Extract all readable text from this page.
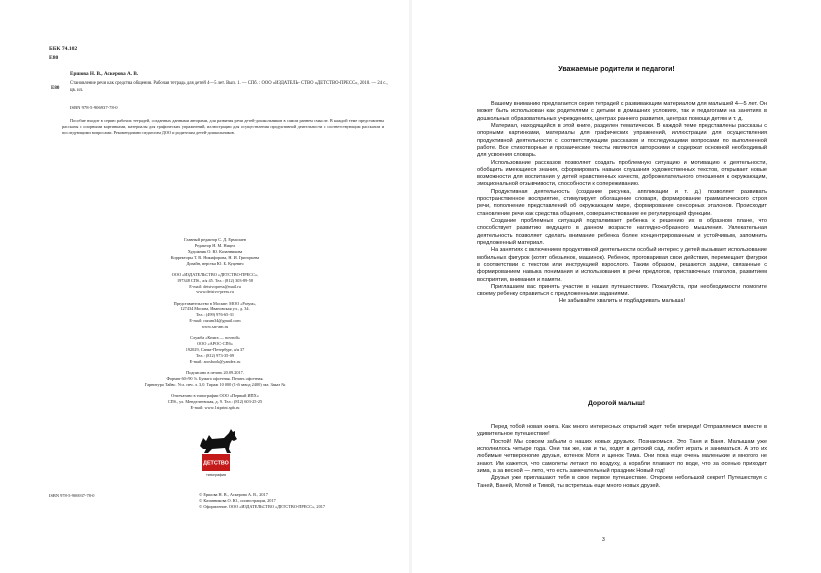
ББК 74.102
Е80
Ершова Н. В., Аскерова А. В.
Е80
Становление речи как средства общения. Рабочая тетрадь для детей 4—5 лет. Вып. 1. — СПб. : ООО «ИЗДАТЕЛЬ- СТВО «ДЕТСТВО-ПРЕСС», 2018. — 24 с., цв. ил.
ISBN 978-5-906937-78-0
Пособие входит в серию рабочих тетрадей, созданных данными авторами, для развития речи детей-дошкольников в самом раннем смысле. В каждой теме представлены рассказы с опорными картинками, материалы для графических упражнений, иллюстрации для осуществления продуктивной деятельности с соответствующим рассказом и последующими вопросами. Рекомендовано педагогам ДОО и родителям детей-дошкольников.
Главный редактор С. Д. Ермолаев
Редактор Н. М. Ницел
Художник О. Ю. Казанникова
Корректоры Т. В. Никифорова, Н. И. Григорьева
Дизайн, верстка Ю. Б. Куцевич
ООО «ИЗДАТЕЛЬСТВО «ДЕТСТВО-ПРЕСС»,
197348 СПб., а/я 45. Тел.: (812) 303-89-58
E-mail: detstvopress@mail.ru
www.detstvo-press.ru
Представительство в Москве: МОО «Разум»,
127434 Москва, Ивановская ул., д. 34.
Тел.: (499) 976-65-31
E-mail: razum34@gmail.com
www.sar-am.ru
Служба «Книга — почтой»
ООО «АРОС-СПб»
192029, Санкт-Петербург, а/я 37
Тел.: (812) 973-35-09
E-mail: arosbook@yandex.ru
Подписано в печать 20.09.2017.
Формат 60×90 ⅛. Бумага офсетная. Печать офсетная.
Гарнитура Тайвс. Усл. печ. л. 3,0. Тираж 10 000 (1-й завод 2400) экз. Заказ №
Отпечатано в типографии ООО «Первый ИПХ»
СПб., ул. Менделеевская, д. 9. Тел.: (812) 603-25-25
E-mail: www.1stprint.spb.ru
ДЕТСТВО
типография
ISBN 978-5-906937-78-0	© Ершова Н. В., Аскерова А. В., 2017
© Казанникова О. Ю., иллюстрации, 2017
© Оформление. ООО «ИЗДАТЕЛЬСТВО «ДЕТСТВО-ПРЕСС», 2017
Уважаемые родители и педагоги!

Вашему вниманию предлагается серия тетрадей с развивающим материалом для малышей 4—5 лет. Он может быть использован как родителями с детьми в домашних условиях, так и педагогами на занятиях в дошкольных образовательных учреждениях, центрах раннего развития, центрах помощи детям и т. д.

Материал, находящийся в этой книге, разделен тематически. В каждой теме представлены рассказы с опорными картинками, материалы для графических упражнений, иллюстрации для осуществления продуктивной деятельности с соответствующим рассказом и последующими вопросами по выполненной работе. Все стихотворные и прозаические тексты являются авторскими и содержат основной необходимый для усвоения словарь.

Использование рассказов позволяет создать проблемную ситуацию и мотивацию к деятельности, обобщить имеющиеся знания, сформировать навыки слушания художественных текстов, открывает новые возможности для воспитания у детей нравственных качеств, доброжелательного отношения к окружающим, эмоциональной отзывчивости, способности к сопереживанию.

Продуктивная деятельность (создание рисунка, аппликации и т. д.) позволяет развивать пространственное восприятие, стимулирует обогащение словаря, формирование грамматического строя речи, пополнение представлений об окружающем мире, формирование сенсорных эталонов. Происходит становление речи как средства общения, совершенствование ее регулирующей функции.

Создание проблемных ситуаций подталкивает ребенка к решению их в образном плане, что способствует развитию ведущего в данном возрасте наглядно-образного мышления. Увлекательная деятельность позволяет сделать внимание ребенка более концентрированным и устойчивым, запомнить предложенный материал.

На занятиях с включением продуктивной деятельности особый интерес у детей вызывает использование мобильных фигурок (котят обезьянок, машинок). Ребенок, проговаривая свои действия, перемещает фигурки в соответствии с текстом или инструкцией взрослого. Таким образом, решаются задачи, связанные с формированием навыка понимания и использования в речи предлогов, приставочных глаголов, развитием восприятия, внимания и памяти.

Приглашаем вас принять участие в наших путешествиях. Пожалуйста, при необходимости помогите своему ребенку справиться с предложенными заданиями.

Не забывайте хвалить и подбадривать малыша!

Дорогой малыш!

Перед тобой новая книга. Как много интересных открытий ждет тебя впереди! Отправляемся вместе в удивительное путешествие!

Постой! Мы совсем забыли о наших новых друзьях. Познакомься. Это Таня и Ваня. Малышам уже исполнилось четыре года. Они так же, как и ты, ходят в детский сад, любят играть и заниматься. А это их любимые четвероногие друзья, котенок Мотя и щенок Тима. Они пока еще очень маленькие и многого не знают. Им кажется, что самолеты летают по воздуху, а корабли плавают по воде, что за осенью приходит зима, а за весной — лето, что есть замечательный праздник Новый год!

Друзья уже приглашают тебя в свое первое путешествие. Откроем небольшой секрет! Путешествуя с Таней, Ваней, Мотей и Тимой, ты встретишь еще много новых друзей.

3
